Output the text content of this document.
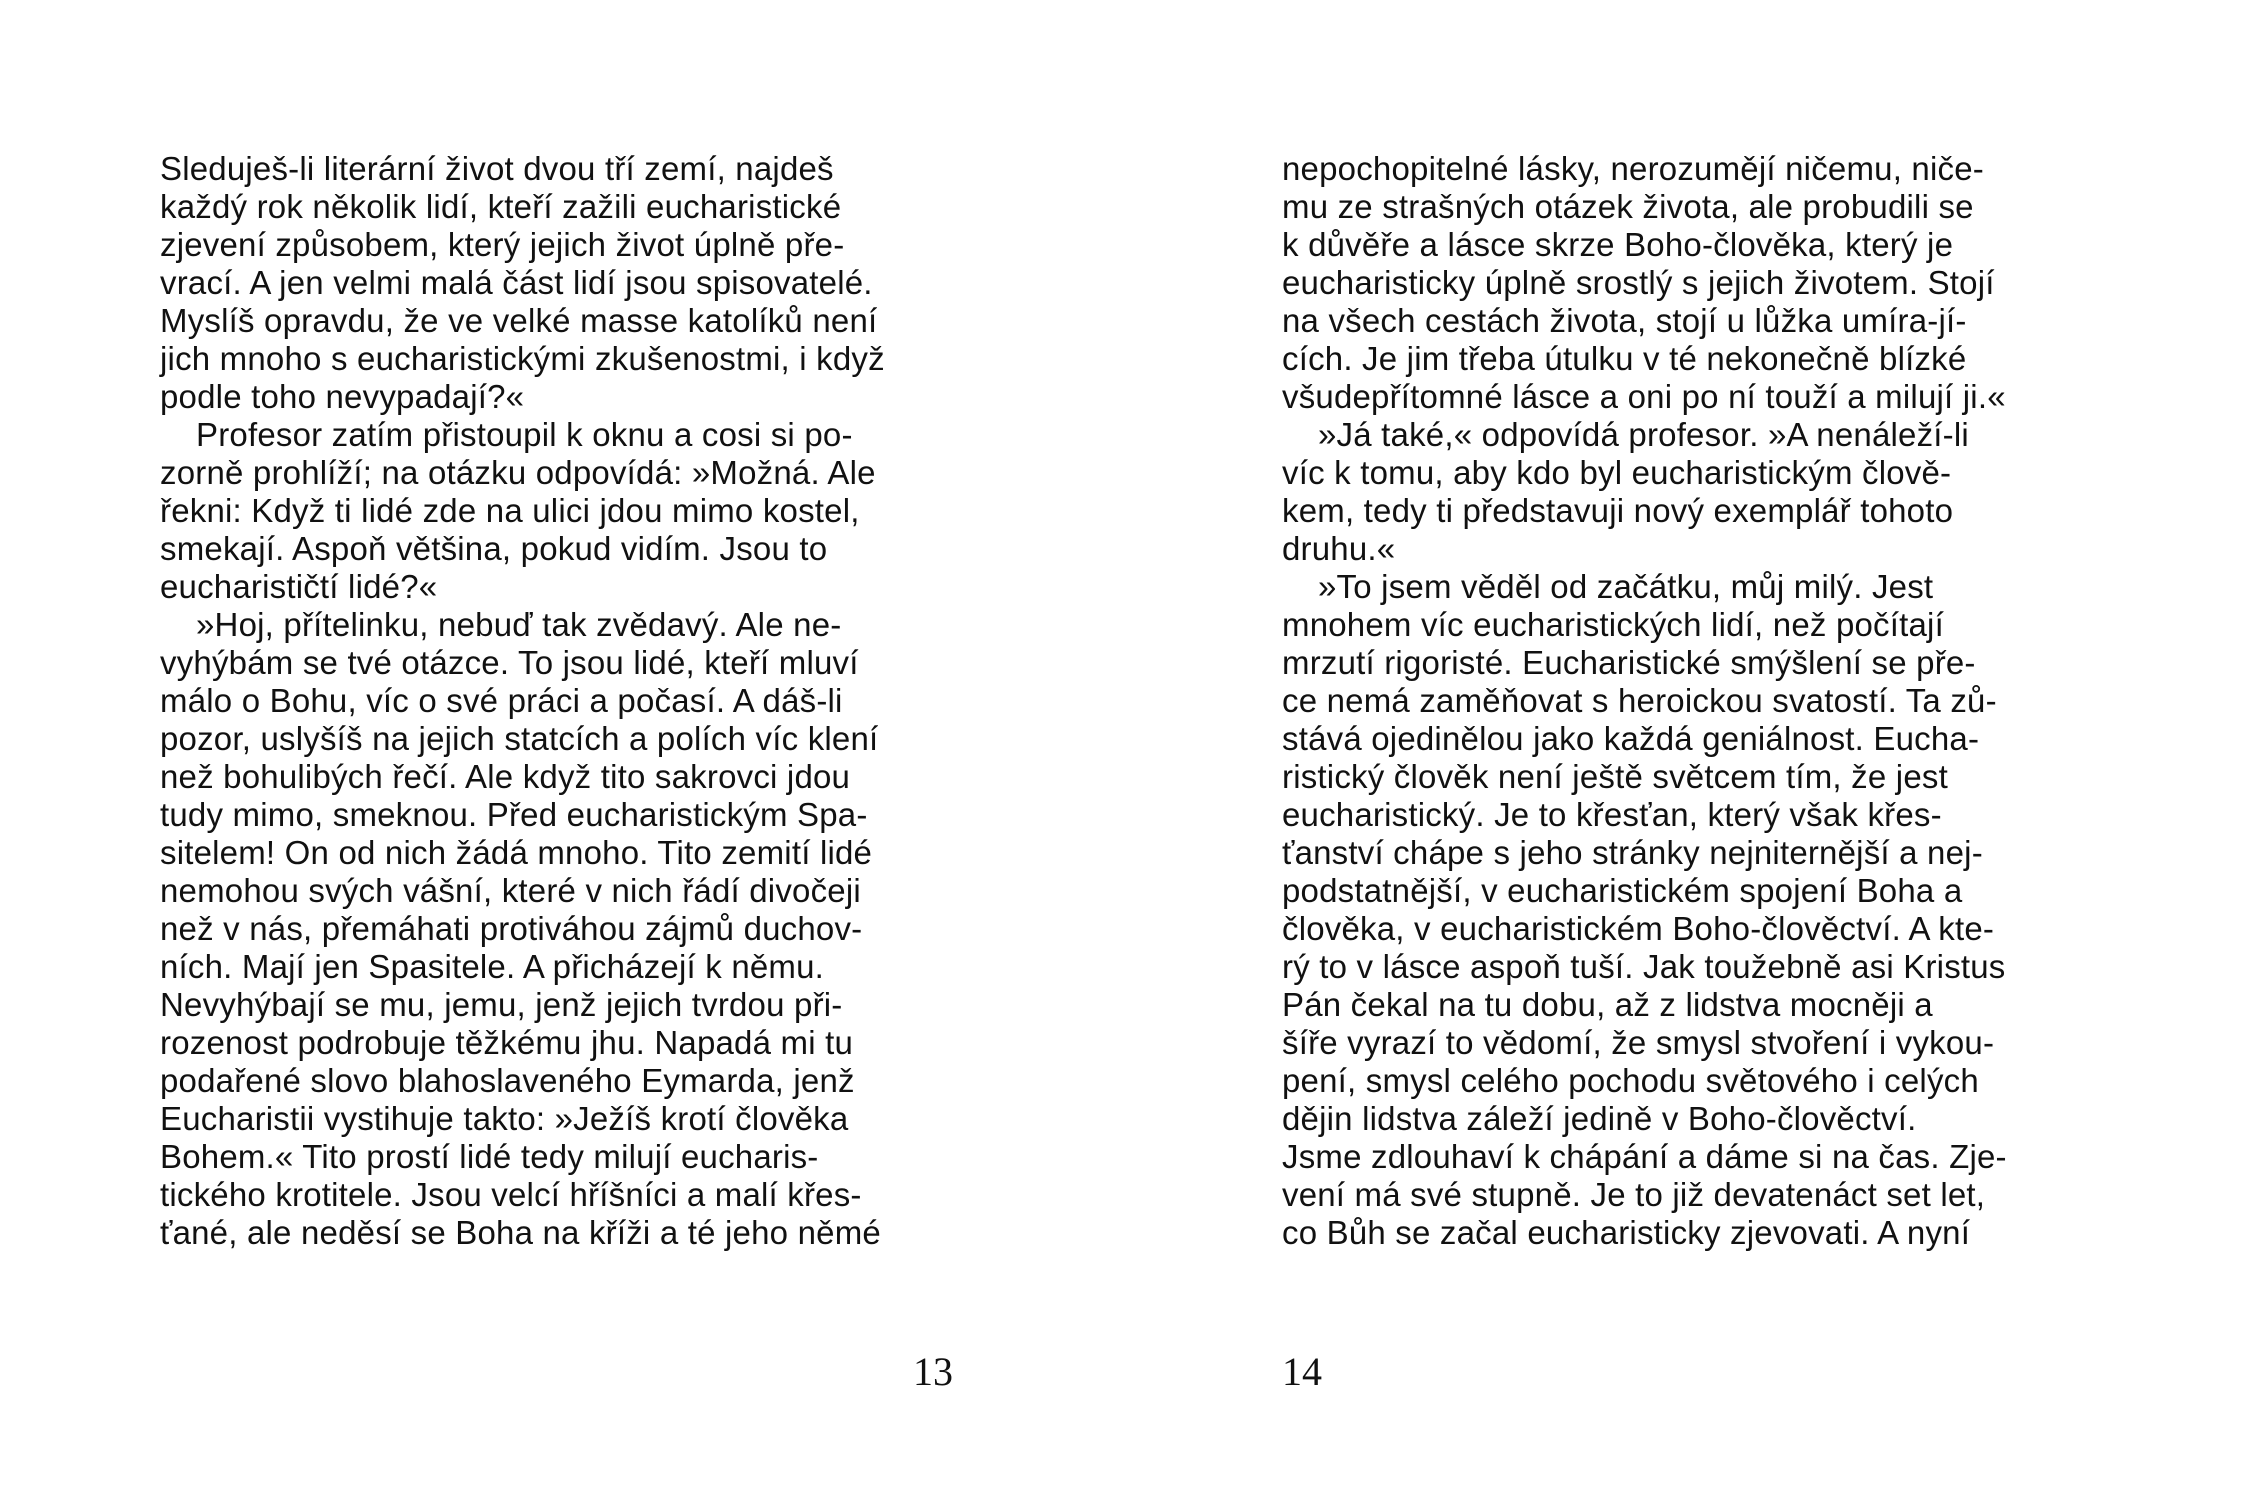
Sleduješ-li literární život dvou tří zemí, najdeš
každý rok několik lidí, kteří zažili eucharistické
zjevení způsobem, který jejich život úplně pře-
vrací. A jen velmi malá část lidí jsou spisovatelé.
Myslíš opravdu, že ve velké masse katolíků není
jich mnoho s eucharistickými zkušenostmi, i když
podle toho nevypadají?«
Profesor zatím přistoupil k oknu a cosi si po-
zorně prohlíží; na otázku odpovídá: »Možná. Ale
řekni: Když ti lidé zde na ulici jdou mimo kostel,
smekají. Aspoň většina, pokud vidím. Jsou to
eucharističtí lidé?«
»Hoj, přítelinku, nebuď tak zvědavý. Ale ne-
vyhýbám se tvé otázce. To jsou lidé, kteří mluví
málo o Bohu, víc o své práci a počasí. A dáš-li
pozor, uslyšíš na jejich statcích a polích víc klení
než bohulibých řečí. Ale když tito sakrovci jdou
tudy mimo, smeknou. Před eucharistickým Spa-
sitelem! On od nich žádá mnoho. Tito zemití lidé
nemohou svých vášní, které v nich řádí divočeji
než v nás, přemáhati protiváhou zájmů duchov-
ních. Mají jen Spasitele. A přicházejí k němu.
Nevyhýbají se mu, jemu, jenž jejich tvrdou při-
rozenost podrobuje těžkému jhu. Napadá mi tu
podařené slovo blahoslaveného Eymarda, jenž
Eucharistii vystihuje takto: »Ježíš krotí člověka
Bohem.« Tito prostí lidé tedy milují eucharis-
tického krotitele. Jsou velcí hříšníci a malí křes-
ťané, ale neděsí se Boha na kříži a té jeho němé
13
nepochopitelné lásky, nerozumějí ničemu, niče-
mu ze strašných otázek života, ale probudili se
k důvěře a lásce skrze Boho-člověka, který je
eucharisticky úplně srostlý s jejich životem. Stojí
na všech cestách života, stojí u lůžka umíra-jí-
cích. Je jim třeba útulku v té nekonečně blízké
všudepřítomné lásce a oni po ní touží a milují ji.«
»Já také,« odpovídá profesor. »A nenáleží-li
víc k tomu, aby kdo byl eucharistickým člově-
kem, tedy ti představuji nový exemplář tohoto
druhu.«
»To jsem věděl od začátku, můj milý. Jest
mnohem víc eucharistických lidí, než počítají
mrzutí rigoristé. Eucharistické smýšlení se pře-
ce nemá zaměňovat s heroickou svatostí. Ta zů-
stává ojedinělou jako každá geniálnost. Eucha-
ristický člověk není ještě světcem tím, že jest
eucharistický. Je to křesťan, který však křes-
ťanství chápe s jeho stránky nejniternější a nej-
podstatnější, v eucharistickém spojení Boha a
člověka, v eucharistickém Boho-člověctví. A kte-
rý to v lásce aspoň tuší. Jak toužebně asi Kristus
Pán čekal na tu dobu, až z lidstva mocněji a
šíře vyrazí to vědomí, že smysl stvoření i vykou-
pení, smysl celého pochodu světového i celých
dějin lidstva záleží jedině v Boho-člověctví.
Jsme zdlouhaví k chápání a dáme si na čas. Zje-
vení má své stupně. Je to již devatenáct set let,
co Bůh se začal eucharisticky zjevovati. A nyní
14
